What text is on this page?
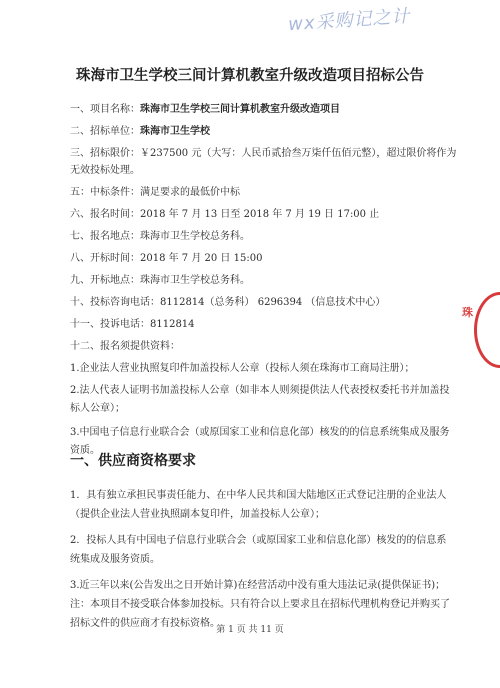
wx采购记之计
珠
珠海市卫生学校三间计算机教室升级改造项目招标公告
一、项目名称：珠海市卫生学校三间计算机教室升级改造项目
二、招标单位：珠海市卫生学校
三、招标限价：￥237500 元（大写：人民币贰拾叁万柒仟伍佰元整），超过限价将作为
无效投标处理。
五：中标条件：满足要求的最低价中标
六、报名时间：2018 年 7 月 13 日至 2018 年 7 月 19 日 17:00 止
七、报名地点：珠海市卫生学校总务科。
八、开标时间：2018 年 7 月 20 日 15:00
九、开标地点：珠海市卫生学校总务科。
十、投标咨询电话：8112814（总务科） 6296394 （信息技术中心）
十一、投诉电话：8112814
十二、报名须提供资料：
1.企业法人营业执照复印件加盖投标人公章（投标人须在珠海市工商局注册）；
2.法人代表人证明书加盖投标人公章（如非本人则须提供法人代表授权委托书并加盖投
标人公章）；
3.中国电子信息行业联合会（或原国家工业和信息化部）核发的的信息系统集成及服务
资质。
一、供应商资格要求
1．具有独立承担民事责任能力、在中华人民共和国大陆地区正式登记注册的企业法人
（提供企业法人营业执照副本复印件，加盖投标人公章）；
2．投标人具有中国电子信息行业联合会（或原国家工业和信息化部）核发的的信息系
统集成及服务资质。
3.近三年以来(公告发出之日开始计算)在经营活动中没有重大违法记录(提供保证书)；
注：本项目不接受联合体参加投标。只有符合以上要求且在招标代理机构登记并购买了
招标文件的供应商才有投标资格。
第 1 页 共 11 页
